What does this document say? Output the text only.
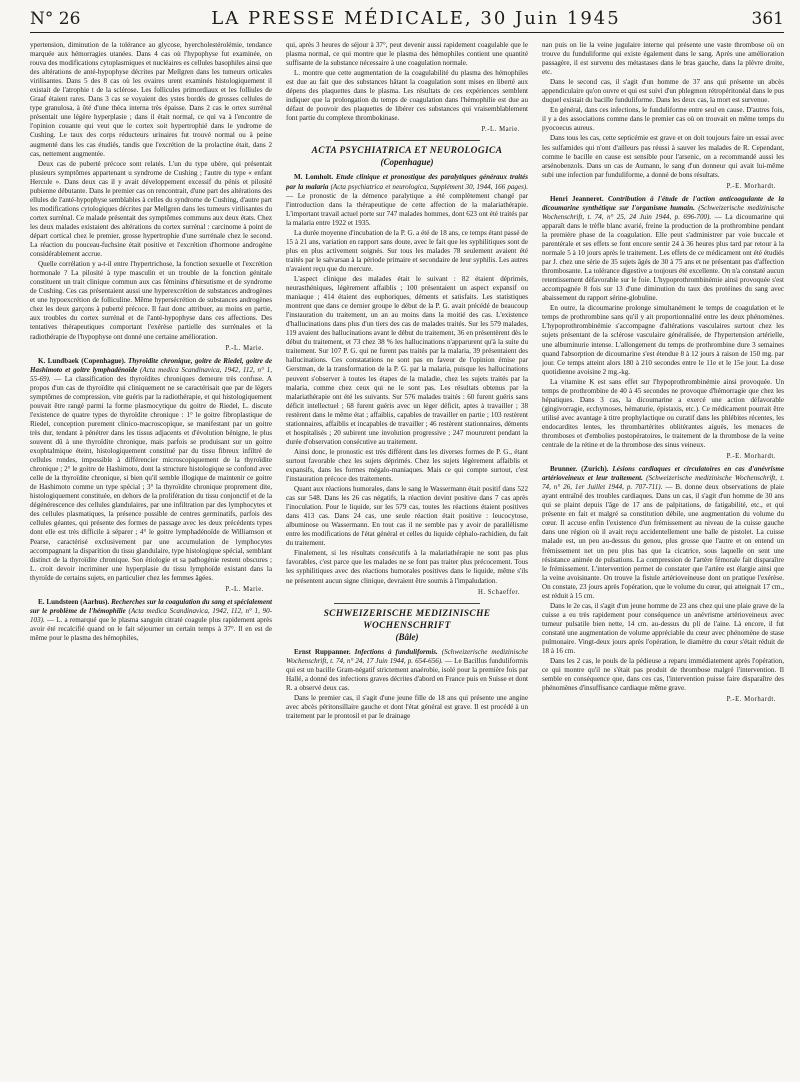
N° 26	LA PRESSE MÉDICALE, 30 Juin 1945	361

ypertension, diminution de la tolérance au glycose, hyercholestérolémie, tendance marquée aux hémorragies utanées. Dans 4 cas où l'hypophyse fut examinée, on rouva des modifications cytoplasmiques et nucléaires es cellules basophiles ainsi que des altérations de anté-hypophyse décrites par Mellgren dans les tumeurs orticales virilisantes. Dans 5 des 8 cas où les ovaires urent examinés histologiquement il existait de l'atrophie t de la sclérose. Les follicules primordiaux et les folliules de Graaf étaient rares. Dans 3 cas se voyaient des ystes bordés de grosses cellules de type granulosa, à ôté d'une thèca interna très épaisse. Dans 2 cas le ortex surrénal présentait une légère hyperplasie ; dans il était normal, ce qui va à l'encontre de l'opinion couante qui veut que le cortex soit hypertrophié dans le yndrome de Cushing. Le taux des corps réducteurs urinaires fut trouvé normal ou à peine augmenté dans les cas étudiés, tandis que l'excrétion de la prolactine était, dans 2 cas, nettement augmentée.

Deux cas de puberté précoce sont relatés. L'un du type ubère, qui présentait plusieurs symptômes appartenant u syndrome de Cushing ; l'autre du type « enfant Hercule ». Dans deux cas il y avait développement excessif du pénis et pilosité pubienne débutante. Dans le premier cas on rencontrait, d'une part des altérations des ellules de l'anté-hypophyse semblables à celles du syndrome de Cushing, d'autre part les modifications cytologiques décrites par Mellgren dans les tumeurs virilisantes du cortex surrénal. Ce malade présentait des symptômes communs aux deux états. Chez les deux malades existaient des altérations du cortex surrénal : carcinome à point de départ cortical chez le premier, grosse hypertrophie d'une surrénale chez le second. La réaction du pouceau-fuchsine était positive et l'excrétion d'hormone androgène considérablement accrue.

Quelle corrélation y a-t-il entre l'hypertrichose, la fonction sexuelle et l'excrétion hormonale ? La pilosité à type masculin et un trouble de la fonction génitale constituent un trait clinique commun aux cas féminins d'hirsutisme et de syndrome de Cushing. Ces cas présentaient aussi une hyperexcrétion de substances androgènes et une hypoexcrétion de folliculine. Même hypersécrétion de substances androgènes chez les deux garçons à puberté précoce. Il faut donc attribuer, au moins en partie, aux troubles du cortex surrénal et de l'anté-hypophyse dans ces affections. Des tentatives thérapeutiques comportant l'exérèse partielle des surrénales et la radiothérapie de l'hypophyse ont donné une certaine amélioration.

P.-L. Marie.

K. Lundbaek (Copenhague). Thyroïdite chronique, goitre de Riedel, goitre de Hashimoto et goitre lymphadénoïde (Acta medica Scandinavica, 1942, 112, n° 1, 55-69). — La classification des thyroïdites chroniques demeure très confuse. A propos d'un cas de thyroïdite qui cliniquement ne se caractérisait que par de légers symptômes de compression, vite guéris par la radiothérapie, et qui histologiquement pouvait être rangé parmi la forme plasmocytique du goitre de Riedel, L. discute l'existence de quatre types de thyroïdite chronique : 1° le goitre fibroplastique de Riedel, conception purement clinico-macroscopique, se manifestant par un goitre très dur, tendant à pénétrer dans les tissus adjacents et d'évolution bénigne, le plus souvent dû à une thyroïdite chronique, mais parfois se produisant sur un goitre exophtalmique éteint, histologiquement constitué par du tissu fibreux infiltré de cellules rondes, impossible à différencier microscopiquement de la thyroïdite chronique ; 2° le goitre de Hashimoto, dont la structure histologique se confond avec celle de la thyroïdite chronique, si bien qu'il semble illogique de maintenir ce goitre de Hashimoto comme un type spécial ; 3° la thyroïdite chronique proprement dite, histologiquement constituée, en dehors de la prolifération du tissu conjonctif et de la dégénérescence des cellules glandulaires, par une infiltration par des lymphocytes et des cellules plasmatiques, la présence possible de centres germinatifs, parfois des cellules géantes, qui présente des formes de passage avec les deux précédents types dont elle est très difficile à séparer ; 4° le goitre lymphadénoïde de Williamson et Pearse, caractérisé exclusivement par une accumulation de lymphocytes accompagnant la disparition du tissu glandulaire, type histologique spécial, semblant distinct de la thyroïdite chronique. Son étiologie et sa pathogénie restent obscures ; L. croit devoir incriminer une hyperplasie du tissu lymphoïde existant dans la thyroïde de certains sujets, en particulier chez les femmes âgées.

P.-L. Marie.

E. Lundsteen (Aarhus). Recherches sur la coagulation du sang et spécialement sur le problème de l'hémophilie (Acta medica Scandinavica, 1942, 112, n° 1, 90-103). — L. a remarqué que le plasma sanguin citraté coagule plus rapidement après avoir été recalcifié quand on le fait séjourner un certain temps à 37°. Il en est de même pour le plasma des hémophiles,

qui, après 3 heures de séjour à 37°, peut devenir aussi rapidement coagulable que le plasma normal, ce qui montre que le plasma des hémophiles contient une quantité suffisante de la substance nécessaire à une coagulation normale.

L. montre que cette augmentation de la coagulabilité du plasma des hémophiles est due au fait que des substances hâtant la coagulation sont mises en liberté aux dépens des plaquettes dans le plasma. Les résultats de ces expériences semblent indiquer que la prolongation du temps de coagulation dans l'hémophilie est due au défaut de pouvoir des plaquettes de libérer ces substances qui vraisemblablement font partie du complexe thrombokinase.

P.-L. Marie.
ACTA PSYCHIATRICA ET NEUROLOGICA
(Copenhague)

M. Lomholt. Etude clinique et pronostique des paralytiques généraux traités par la malaria (Acta psychiatrica et neurologica, Supplément 30, 1944, 166 pages). — Le pronostic de la démence paralytique a été complètement changé par l'introduction dans la thérapeutique de cette affection de la malariathérapie. L'important travail actuel porte sur 747 malades hommes, dont 623 ont été traités par la malaria entre 1922 et 1935.

La durée moyenne d'incubation de la P. G. a été de 18 ans, ce temps étant passé de 15 à 21 ans, variation en rapport sans doute, avec le fait que les syphilitiques sont de plus en plus activement soignés. Sur tous les malades 78 seulement avaient été traités par le salvarsan à la période primaire et secondaire de leur syphilis. Les autres n'avaient reçu que du mercure.

L'aspect clinique des malades était le suivant : 82 étaient déprimés, neurasthéniques, légèrement affaiblis ; 100 présentaient un aspect expansif ou maniaque ; 414 étaient des euphoriques, déments et satisfaits. Les statistiques montrent que dans ce dernier groupe le début de la P. G. avait précédé de beaucoup l'instauration du traitement, un an au moins dans la moitié des cas. L'existence d'hallucinations dans plus d'un tiers des cas de malades traités. Sur les 579 malades, 119 avaient des hallucinations avant le début du traitement, 36 en présentèrent dès le début du traitement, et 73 chez 38 % les hallucinations n'apparurent qu'à la suite du traitement. Sur 107 P. G. qui ne furent pas traités par la malaria, 39 présentaient des hallucinations. Ces constatations ne sont pas en faveur de l'opinion émise par Gerstman, de la transformation de la P. G. par la malaria, puisque les hallucinations peuvent s'observer à toutes les étapes de la maladie, chez les sujets traités par la malaria, comme chez ceux qui ne le sont pas. Les résultats obtenus par la malariathérapie ont été les suivants. Sur 576 malades traités : 60 furent guéris sans déficit intellectuel ; 68 furent guéris avec un léger déficit, aptes à travailler ; 38 restèrent dans le même état ; affaiblis, capables de travailler en partie ; 103 restèrent stationnaires, affaiblis et incapables de travailler ; 46 restèrent stationnaires, déments et hospitalisés ; 20 subirent une involution progressive ; 247 moururent pendant la durée d'observation consécutive au traitement.

Ainsi donc, le pronostic est très différent dans les diverses formes de P. G., étant surtout favorable chez les sujets déprimés. Chez les sujets légèrement affaiblis et expansifs, dans les formes mégalo-maniaques. Mais ce qui compte surtout, c'est l'instauration précoce des traitements.

Quant aux réactions humorales, dans le sang le Wassermann était positif dans 522 cas sur 548. Dans les 26 cas négatifs, la réaction devint positive dans 7 cas après l'inoculation. Pour le liquide, sur les 579 cas, toutes les réactions étaient positives dans 413 cas. Dans 24 cas, une seule réaction était positive : leucocytose, albuminose ou Wassermann. En tout cas il ne semble pas y avoir de parallélisme entre les modifications de l'état général et celles du liquide céphalo-rachidien, du fait du traitement.

Finalement, si les résultats consécutifs à la malariathérapie ne sont pas plus favorables, c'est parce que les malades ne se font pas traiter plus précocement. Tous les syphilitiques avec des réactions humorales positives dans le liquide, même s'ils ne présentent aucun signe clinique, devraient être soumis à l'impaludation.

H. Schaeffer.
SCHWEIZERISCHE MEDIZINISCHE WOCHENSCHRIFT
(Bâle)

Ernst Ruppanner. Infections à funduliformis. (Schweizerische medizinische Wochenschrift, t. 74, n° 24, 17 Juin 1944, p. 654-656). — Le Bacillus funduliformis qui est un bacille Gram-négatif strictement anaérobie, isolé pour la première fois par Hallé, a donné des infections graves décrites d'abord en France puis en Suisse et dont R. a observé deux cas.

Dans le premier cas, il s'agit d'une jeune fille de 18 ans qui présente une angine avec abcès péritonsillaire gauche et dont l'état général est grave. Il est procédé à un traitement par le prontosil et par le drainage

nan puis on lie la veine jugulaire interne qui présente une vaste thrombose où on trouve du funduliforme qui existe également dans le sang. Après une amélioration passagère, il est survenu des métastases dans le bras gauche, dans la plèvre droite, etc.

Dans le second cas, il s'agit d'un homme de 37 ans qui présente un abcès appendiculaire qu'on ouvre et qui est suivi d'un phlegmon rétropéritonéal dans le pus duquel existait du bacille funduliforme. Dans les deux cas, la mort est survenue.

En général, dans ces infections, le funduliforme entre seul en cause. D'autres fois, il y a des associations comme dans le premier cas où on trouvait en même temps du pyocoecus aureus.

Dans tous les cas, cette septicémie est grave et on doit toujours faire un essai avec les sulfamides qui n'ont d'ailleurs pas réussi à sauver les malades de R. Cependant, comme le bacille en cause est sensible pour l'arsenic, on a recommandé aussi les arsénobenzols. Dans un cas de Aumann, le sang d'un donneur qui avait lui-même subi une infection par funduliforme, a donné de bons résultats.

P.-E. Morhardt.

Henri Jeanneret. Contribution à l'étude de l'action anticoagulante de la dicoumarine synthétique sur l'organisme humain. (Schweizerische medizinische Wochenschrift, t. 74, n° 25, 24 Juin 1944, p. 696-700). — La dicoumarine qui apparaît dans le trèfle blanc avarié, freine la production de la prothrombine pendant la première phase de la coagulation. Elle peut s'administrer par voie buccale et parentérale et ses effets se font encore sentir 24 à 36 heures plus tard par retour à la normale 5 à 10 jours après le traitement. Les effets de ce médicament ont été étudiés par J. chez une série de 35 sujets âgés de 30 à 75 ans et ne présentant pas d'affection thrombosante. La tolérance digestive a toujours été excellente. On n'a constaté aucun retentissement défavorable sur le foie. L'hypoprothrombinémie ainsi provoquée s'est accompagnée 8 fois sur 13 d'une diminution du taux des protéines du sang avec abaissement du rapport sérine-globuline.

En outre, la dicoumarine prolonge simultanément le temps de coagulation et le temps de prothrombine sans qu'il y ait proportionnalité entre les deux phénomènes. L'hypoprothrombinémie s'accompagne d'altérations vasculaires surtout chez les sujets présentant de la sclérose vasculaire généralisée, de l'hypertension artérielle, une albuminurie intense. L'allongement du temps de prothrombine dure 3 semaines quand l'absorption de dicoumarine s'est étendue 8 à 12 jours à raison de 150 mg. par jour. Ce temps atteint alors 180 à 210 secondes entre le 11e et le 15e jour. La dose quotidienne avoisine 2 mg.-kg.

La vitamine K est sans effet sur l'hypoprothrombinémie ainsi provoquée. Un temps de prothrombine de 40 à 45 secondes ne provoque d'hémorragie que chez les hépatiques. Dans 3 cas, la dicoumarine a exercé une action défavorable (gingivorragie, ecchymoses, hématurie, épistaxis, etc.). Ce médicament pourrait être utilisé avec avantage à titre prophylactique ou curatif dans les phlébites récentes, les endocardites lentes, les thrombartérites oblitérantes aiguës, les menaces de thromboses et d'embolies postopératoires, le traitement de la thrombose de la veine centrale de la rétine et de la thrombose des sinus veineux.

P.-E. Morhardt.

Brunner. (Zurich). Lésions cardiaques et circulatoires en cas d'anévrisme artérioveineux et leur traitement. (Schweizerische medizinische Wochenschrift, t. 74, n° 26, 1er Juillet 1944, p. 707-711). — B. donne deux observations de plaie ayant entraîné des troubles cardiaques. Dans un cas, il s'agit d'un homme de 30 ans qui se plaint depuis l'âge de 17 ans de palpitations, de fatigabilité, etc., et qui présente en fait et malgré sa constitution débile, une augmentation du volume du cœur. Il accuse enfin l'existence d'un frémissement au niveau de la cuisse gauche dans une région où il avait reçu accidentellement une balle de pistolet. La cuisse malade est, un peu au-dessus du genou, plus grosse que l'autre et on entend un frémissement net un peu plus bas que la cicatrice, sous laquelle on sent une résistance animée de pulsations. La compression de l'artère fémorale fait disparaître le frémissement. L'intervention permet de constater que l'artère est élargie ainsi que la veine avoisinante. On trouve la fistule artérioveineuse dont on pratique l'exérèse. On constate, 23 jours après l'opération, que le volume du cœur, qui atteignait 17 cm., est réduit à 15 cm.

Dans le 2e cas, il s'agit d'un jeune homme de 23 ans chez qui une plaie grave de la cuisse a eu très rapidement pour conséquence un anévrisme artérioveineux avec tumeur pulsatile bien nette, 14 cm. au-dessus du pli de l'aine. Là encore, il fut constaté une augmentation de volume appréciable du cœur avec phénomène de stase pulmonaire. Vingt-deux jours après l'opération, le diamètre du cœur s'était réduit de 18 à 16 cm.

Dans les 2 cas, le pouls de la pédieuse a reparu immédiatement après l'opération, ce qui montre qu'il ne s'était pas produit de thrombose malgré l'intervention. Il semble en conséquence que, dans ces cas, l'intervention puisse faire disparaître des phénomènes d'insuffisance cardiaque même grave.

P.-E. Morhardt.
